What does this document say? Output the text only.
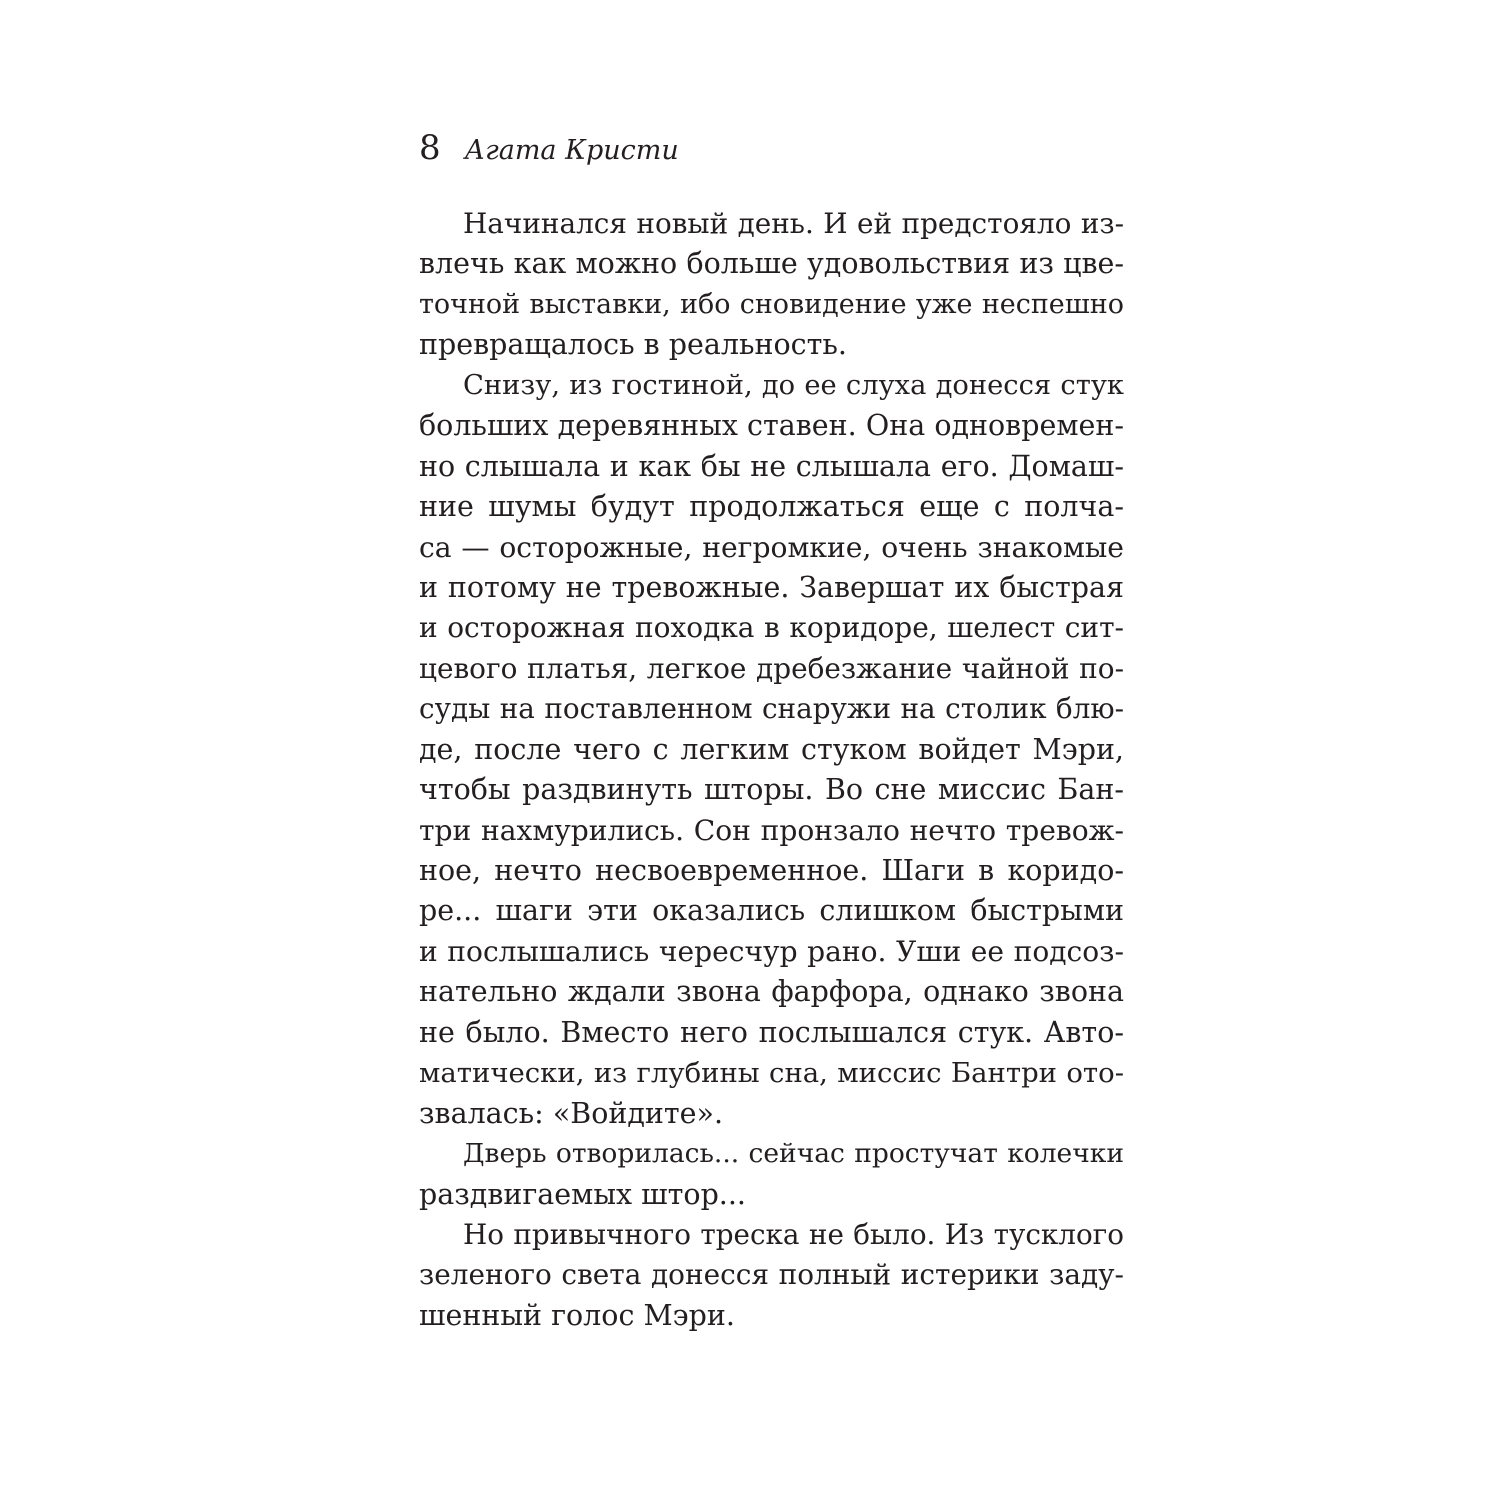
8 Агата Кристи
Начинался новый день. И ей предстояло из-
влечь как можно больше удовольствия из цве-
точной выставки, ибо сновидение уже неспешно
превращалось в реальность.
Снизу, из гостиной, до ее слуха донесся стук
больших деревянных ставен. Она одновремен-
но слышала и как бы не слышала его. Домаш-
ние шумы будут продолжаться еще с полча-
са — осторожные, негромкие, очень знакомые
и потому не тревожные. Завершат их быстрая
и осторожная походка в коридоре, шелест сит-
цевого платья, легкое дребезжание чайной по-
суды на поставленном снаружи на столик блю-
де, после чего с легким стуком войдет Мэри,
чтобы раздвинуть шторы. Во сне миссис Бан-
три нахмурились. Сон пронзало нечто тревож-
ное, нечто несвоевременное. Шаги в коридо-
ре... шаги эти оказались слишком быстрыми
и послышались чересчур рано. Уши ее подсоз-
нательно ждали звона фарфора, однако звона
не было. Вместо него послышался стук. Авто-
матически, из глубины сна, миссис Бантри ото-
звалась: «Войдите».
Дверь отворилась... сейчас простучат колечки
раздвигаемых штор...
Но привычного треска не было. Из тусклого
зеленого света донесся полный истерики заду-
шенный голос Мэри.
